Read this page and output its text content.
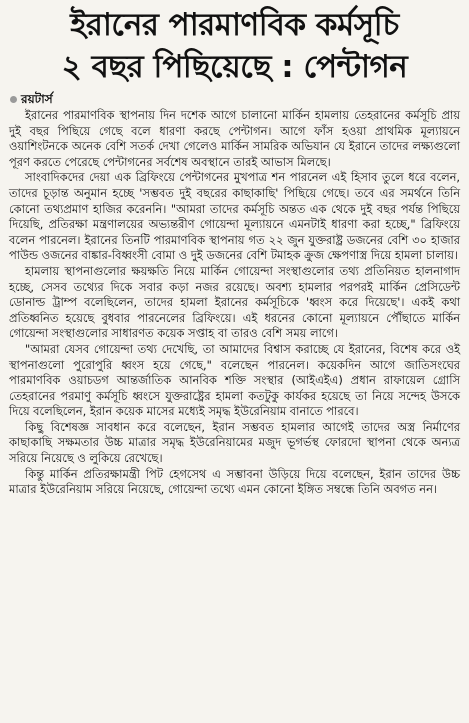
ইরানের পারমাণবিক কর্মসূচি
২ বছর পিছিয়েছে : পেন্টাগন
রয়টার্স

ইরানের পারমাণবিক স্থাপনায় দিন দশেক আগে চালানো মার্কিন হামলায় তেহরানের কর্মসূচি প্রায় দুই বছর পিছিয়ে গেছে বলে ধারণা করছে পেন্টাগন। আগে ফাঁস হওয়া প্রাথমিক মূল্যায়নে ওয়াশিংটনকে অনেক বেশি সতর্ক দেখা গেলেও মার্কিন সামরিক অভিযান যে ইরানে তাদের লক্ষ্যগুলো পূরণ করতে পেরেছে পেন্টাগনের সর্বশেষ অবস্থানে তারই আভাস মিলছে।

সাংবাদিকদের দেয়া এক ব্রিফিংয়ে পেন্টাগনের মুখপাত্র শন পারনেল এই হিসাব তুলে ধরে বলেন, তাদের চূড়ান্ত অনুমান হচ্ছে 'সম্ভবত দুই বছরের কাছাকাছি' পিছিয়ে গেছে। তবে এর সমর্থনে তিনি কোনো তথ্যপ্রমাণ হাজির করেননি। "আমরা তাদের কর্মসূচি অন্তত এক থেকে দুই বছর পর্যন্ত পিছিয়ে দিয়েছি, প্রতিরক্ষা মন্ত্রণালয়ের অভ্যন্তরীণ গোয়েন্দা মূল্যায়নে এমনটাই ধারণা করা হচ্ছে," ব্রিফিংয়ে বলেন পারনেল। ইরানের তিনটি পারমাণবিক স্থাপনায় গত ২২ জুন যুক্তরাষ্ট্র ডজনের বেশি ৩০ হাজার পাউন্ড ওজনের বাঙ্কার-বিধ্বংসী বোমা ও দুই ডজনের বেশি টমাহক ক্রুজ ক্ষেপণাস্ত্র দিয়ে হামলা চালায়।

হামলায় স্থাপনাগুলোর ক্ষয়ক্ষতি নিয়ে মার্কিন গোয়েন্দা সংস্থাগুলোর তথ্য প্রতিনিয়ত হালনাগাদ হচ্ছে, সেসব তথ্যের দিকে সবার কড়া নজর রয়েছে। অবশ্য হামলার পরপরই মার্কিন প্রেসিডেন্ট ডোনাল্ড ট্রাম্প বলেছিলেন, তাদের হামলা ইরানের কর্মসূচিকে 'ধ্বংস করে দিয়েছে'। একই কথা প্রতিধ্বনিত হয়েছে বুধবার পারনেলের ব্রিফিংয়ে। এই ধরনের কোনো মূল্যায়নে পৌঁছাতে মার্কিন গোয়েন্দা সংস্থাগুলোর সাধারণত কয়েক সপ্তাহ বা তারও বেশি সময় লাগে।

"আমরা যেসব গোয়েন্দা তথ্য দেখেছি, তা আমাদের বিশ্বাস করাচ্ছে যে ইরানের, বিশেষ করে ওই স্থাপনাগুলো পুরোপুরি ধ্বংস হয়ে গেছে," বলেছেন পারনেল। কয়েকদিন আগে জাতিসংঘের পারমাণবিক ওয়াচডগ আন্তর্জাতিক আনবিক শক্তি সংস্থার (আইএইএ) প্রধান রাফায়েল গ্রোসি তেহরানের পরমাণু কর্মসূচি ধ্বংসে যুক্তরাষ্ট্রের হামলা কতটুকু কার্যকর হয়েছে তা নিয়ে সন্দেহ উসকে দিয়ে বলেছিলেন, ইরান কয়েক মাসের মধ্যেই সমৃদ্ধ ইউরেনিয়াম বানাতে পারবে।

কিছু বিশেষজ্ঞ সাবধান করে বলেছেন, ইরান সম্ভবত হামলার আগেই তাদের অস্ত্র নির্মাণের কাছাকাছি সক্ষমতার উচ্চ মাত্রার সমৃদ্ধ ইউরেনিয়ামের মজুদ ভূগর্ভস্থ ফোরদো স্থাপনা থেকে অন্যত্র সরিয়ে নিয়েছে ও লুকিয়ে রেখেছে।

কিন্তু মার্কিন প্রতিরক্ষামন্ত্রী পিট হেগসেথ এ সম্ভাবনা উড়িয়ে দিয়ে বলেছেন, ইরান তাদের উচ্চ মাত্রার ইউরেনিয়াম সরিয়ে নিয়েছে, গোয়েন্দা তথ্যে এমন কোনো ইঙ্গিত সম্বন্ধে তিনি অবগত নন।
